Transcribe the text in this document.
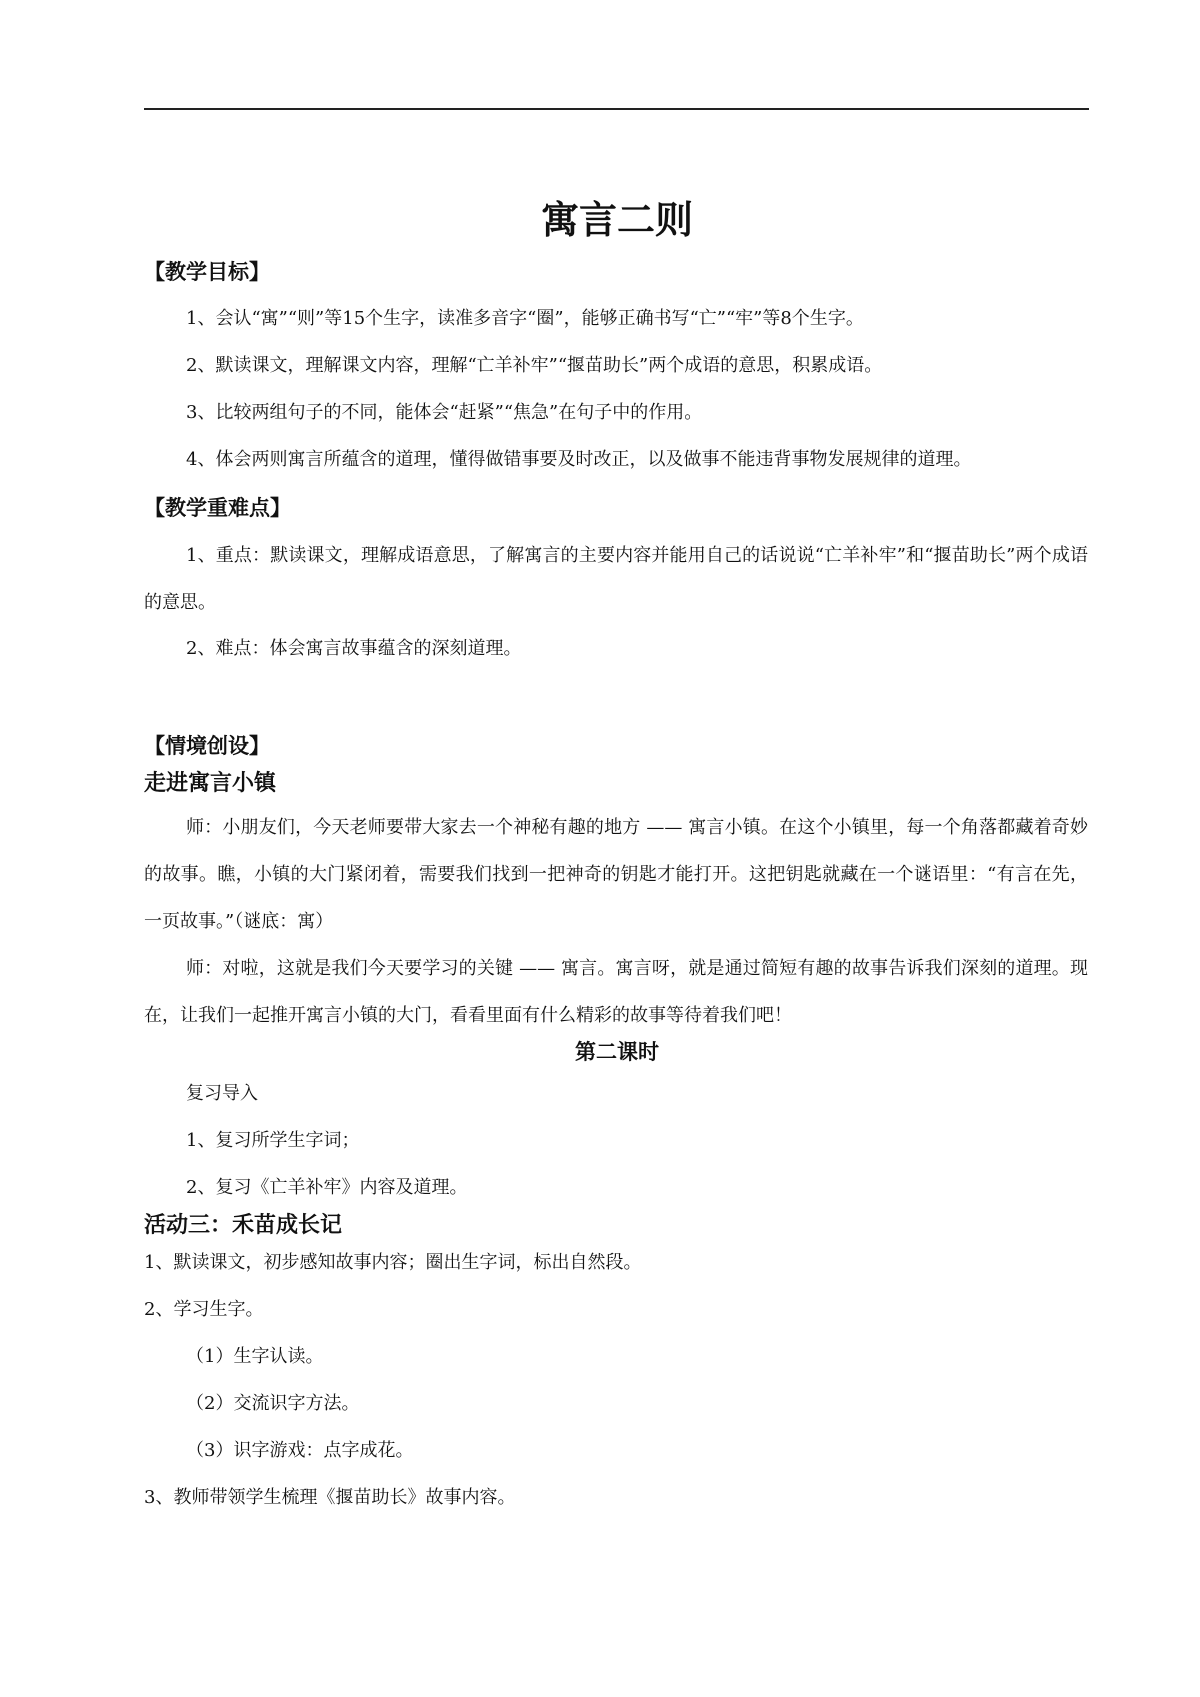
寓言二则
【教学目标】
1、会认“寓”“则”等15个生字，读准多音字“圈”，能够正确书写“亡”“牢”等8个生字。
2、默读课文，理解课文内容，理解“亡羊补牢”“揠苗助长”两个成语的意思，积累成语。
3、比较两组句子的不同，能体会“赶紧”“焦急”在句子中的作用。
4、体会两则寓言所蕴含的道理，懂得做错事要及时改正，以及做事不能违背事物发展规律的道理。
【教学重难点】
1、重点：默读课文，理解成语意思，了解寓言的主要内容并能用自己的话说说“亡羊补牢”和“揠苗助长”两个成语的意思。
2、难点：体会寓言故事蕴含的深刻道理。
【情境创设】
走进寓言小镇
师：小朋友们，今天老师要带大家去一个神秘有趣的地方 —— 寓言小镇。在这个小镇里，每一个角落都藏着奇妙的故事。瞧，小镇的大门紧闭着，需要我们找到一把神奇的钥匙才能打开。这把钥匙就藏在一个谜语里：“有言在先，一页故事。”（谜底：寓）
师：对啦，这就是我们今天要学习的关键 —— 寓言。寓言呀，就是通过简短有趣的故事告诉我们深刻的道理。现在，让我们一起推开寓言小镇的大门，看看里面有什么精彩的故事等待着我们吧！
第二课时
复习导入
1、复习所学生字词；
2、复习《亡羊补牢》内容及道理。
活动三：禾苗成长记
1、默读课文，初步感知故事内容；圈出生字词，标出自然段。
2、学习生字。
（1）生字认读。
（2）交流识字方法。
（3）识字游戏：点字成花。
3、教师带领学生梳理《揠苗助长》故事内容。
